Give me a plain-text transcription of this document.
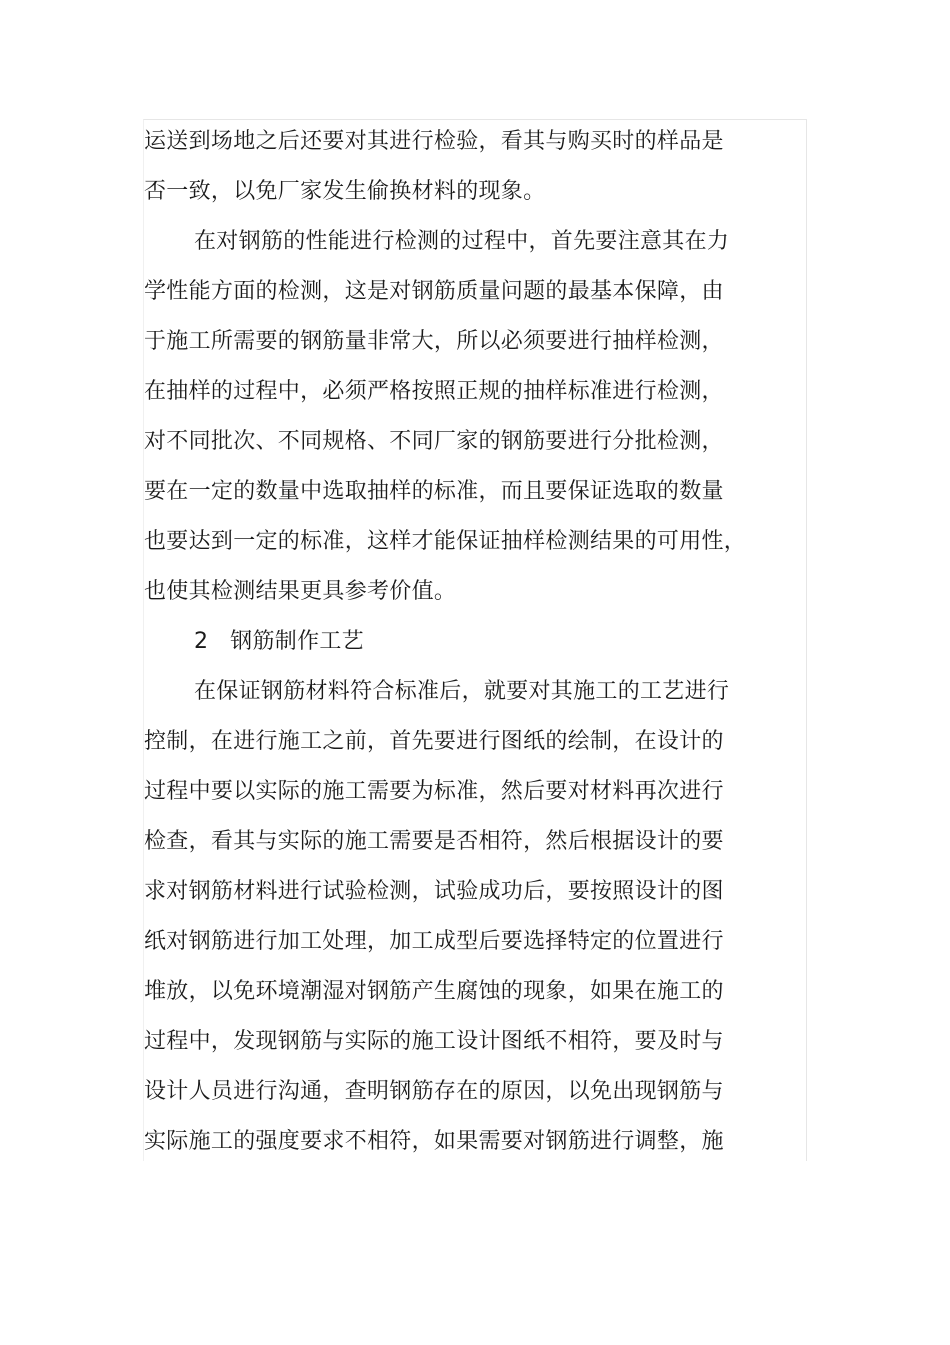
运送到场地之后还要对其进行检验，看其与购买时的样品是
否一致，以免厂家发生偷换材料的现象。
在对钢筋的性能进行检测的过程中，首先要注意其在力
学性能方面的检测，这是对钢筋质量问题的最基本保障，由
于施工所需要的钢筋量非常大，所以必须要进行抽样检测，
在抽样的过程中，必须严格按照正规的抽样标准进行检测，
对不同批次、不同规格、不同厂家的钢筋要进行分批检测，
要在一定的数量中选取抽样的标准，而且要保证选取的数量
也要达到一定的标准，这样才能保证抽样检测结果的可用性，
也使其检测结果更具参考价值。
2   钢筋制作工艺
在保证钢筋材料符合标准后，就要对其施工的工艺进行
控制，在进行施工之前，首先要进行图纸的绘制，在设计的
过程中要以实际的施工需要为标准，然后要对材料再次进行
检查，看其与实际的施工需要是否相符，然后根据设计的要
求对钢筋材料进行试验检测，试验成功后，要按照设计的图
纸对钢筋进行加工处理，加工成型后要选择特定的位置进行
堆放，以免环境潮湿对钢筋产生腐蚀的现象，如果在施工的
过程中，发现钢筋与实际的施工设计图纸不相符，要及时与
设计人员进行沟通，查明钢筋存在的原因，以免出现钢筋与
实际施工的强度要求不相符，如果需要对钢筋进行调整，施
